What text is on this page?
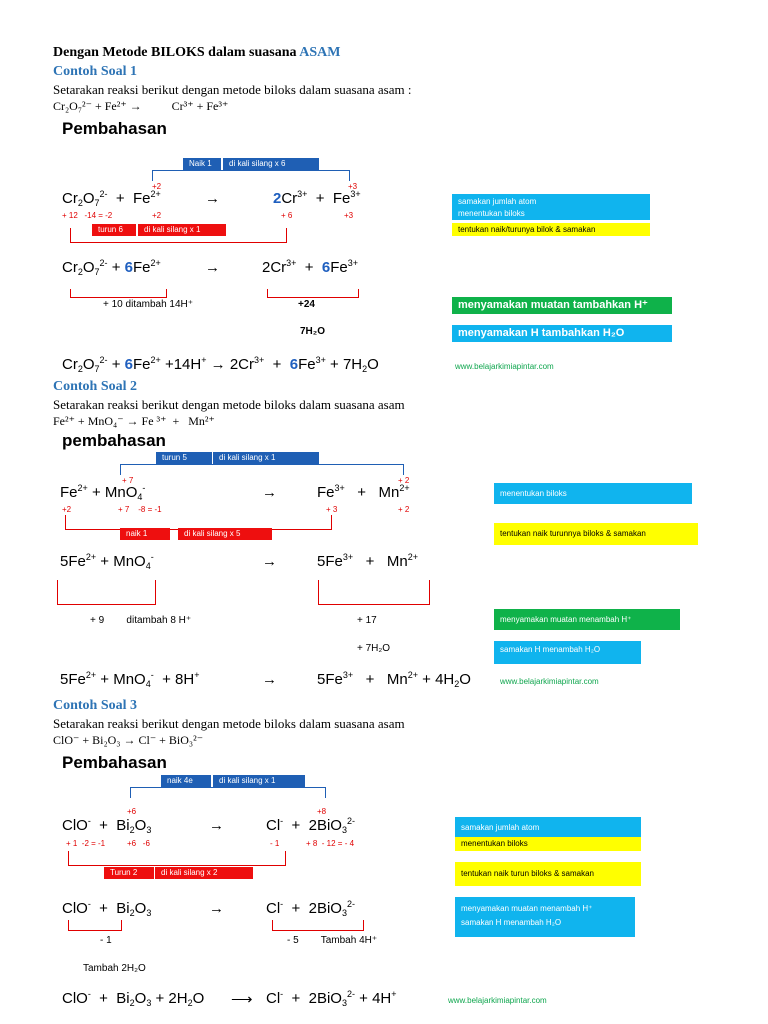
Dengan Metode BILOKS dalam suasana ASAM
Contoh Soal 1
Setarakan reaksi berikut dengan metode biloks dalam suasana asam :
Cr₂O₇²⁻ + Fe²⁺ →          Cr³⁺ + Fe³⁺
Pembahasan
Naik 1	di kali silang x 6
+2	+3
$Cr_2O_7^{2-} + Fe^{2+}$	→	$2Cr^{3+} + Fe^{3+}$
+ 12   -14 = -2	+2	+ 6	+3
turun 6	di kali silang x 1
samakan jumlah atom
menentukan biloks
tentukan naik/turunya bilok & samakan
$Cr_2O_7^{2-} + 6Fe^{2+}$	→	$2Cr^{3+} + 6Fe^{3+}$
+ 10 ditambah 14H⁺	+24	menyamakan muatan tambahkan H⁺
7H₂O	menyamakan H tambahkan H₂O
$Cr_2O_7^{2-} + 6Fe^{2+} +14H^+ \to 2Cr^{3+} + 6Fe^{3+} + 7H_2O$	www.belajarkimiapintar.com
Contoh Soal 2
Setarakan reaksi berikut dengan metode biloks dalam suasana asam
Fe²⁺ + MnO₄⁻ → Fe ³⁺  +   Mn²⁺
pembahasan
turun 5	di kali silang x 1
+ 7	+ 2
$Fe^{2+} + MnO_4^-$	→	$Fe^{3+} + Mn^{2+}$
+2	+ 7    -8 = -1	+ 3	+ 2
naik 1	di kali silang x 5
menentukan biloks
tentukan naik turunnya biloks & samakan
$5Fe^{2+} + MnO_4^-$	→	$5Fe^{3+} + Mn^{2+}$
+ 9        ditambah 8 H⁺	+ 17	menyamakan muatan menambah H⁺
+ 7H₂O	samakan H menambah H₂O
$5Fe^{2+} + MnO_4^- + 8H^+$	→	$5Fe^{3+} + Mn^{2+} + 4H_2O$	www.belajarkimiapintar.com
Contoh Soal 3
Setarakan reaksi berikut dengan metode biloks dalam suasana asam
ClO⁻ + Bi₂O₃ → Cl⁻ + BiO₃²⁻
Pembahasan
naik 4e	di kali silang x 1
+6	+8
$ClO^- + Bi_2O_3$	→	Cl-  +  2BiO$_3^{2-}$
+ 1  -2 = -1	+6   -6	- 1	+ 8  - 12 = - 4
Turun 2	di kali silang x 2
samakan jumlah atom
menentukan biloks
tentukan naik turun biloks & samakan
$ClO^- + Bi_2O_3$	→	Cl-  +  2BiO$_3^{2-}$
- 1	- 5        Tambah 4H⁺
menyamakan muatan menambah H⁺
samakan H menambah H₂O
Tambah 2H₂O
$ClO^- + Bi_2O_3 + 2H_2O$ ⟶ Cl-  +  2BiO$_3^{2-}$ + 4H+
www.belajarkimiapintar.com
